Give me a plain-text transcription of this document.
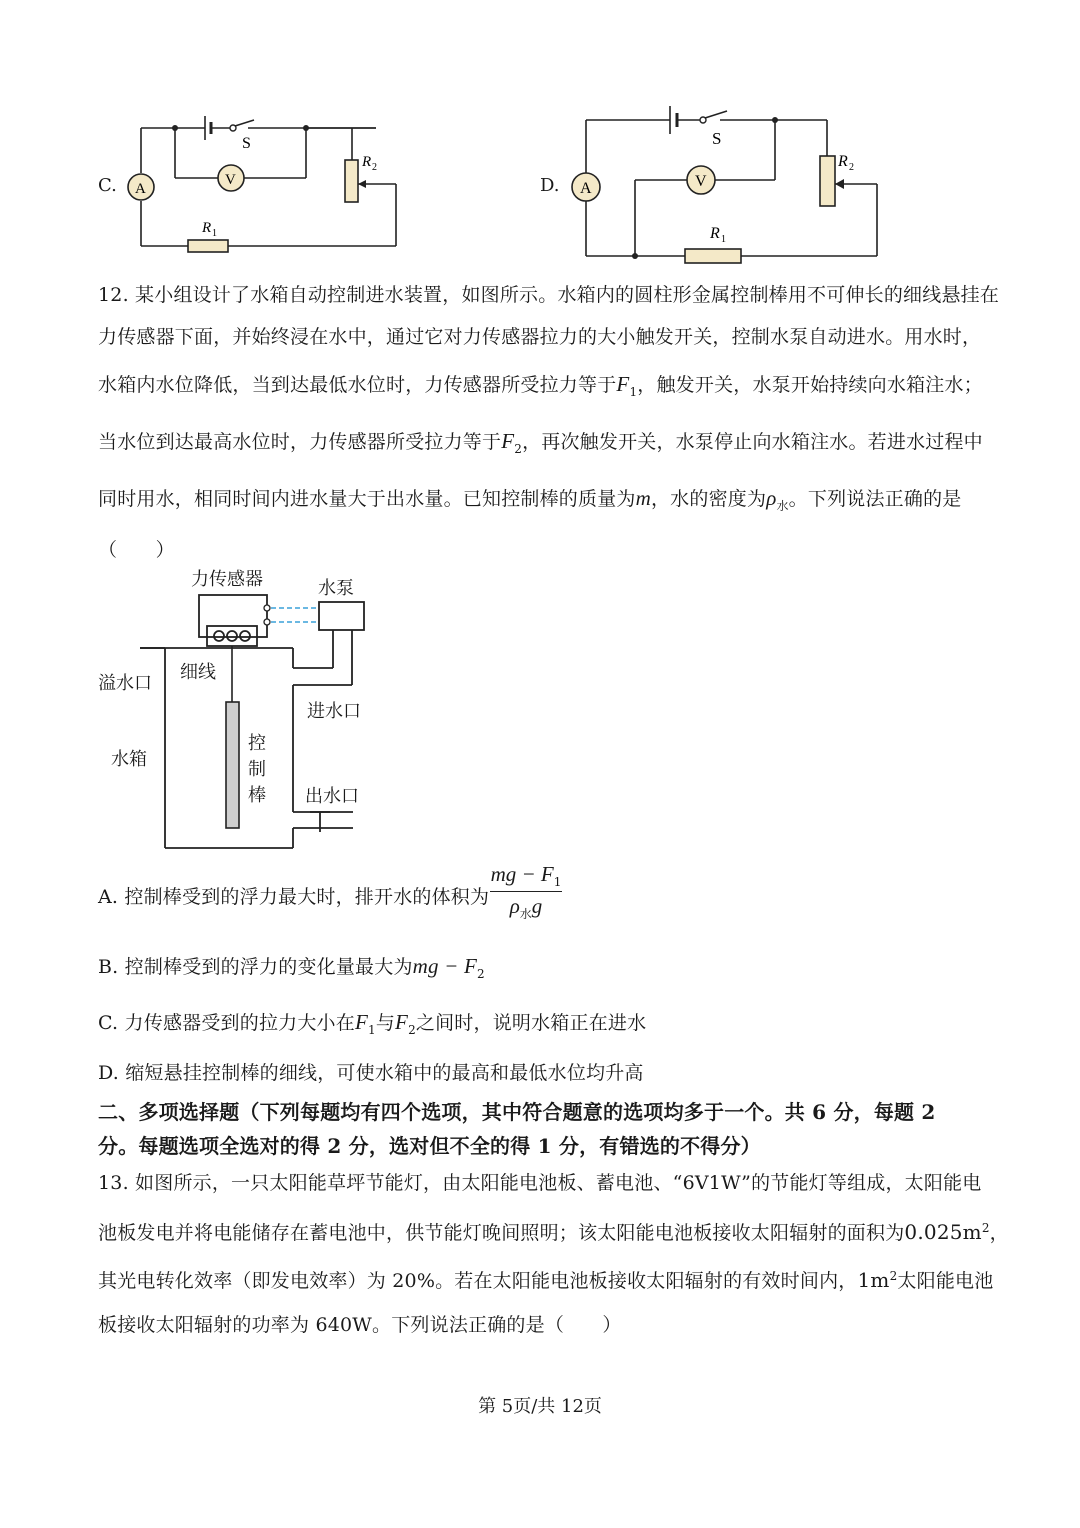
C.
S
A
V
R 1
R 2
D.
S
A	V
R 1
R 2
12. 某小组设计了水箱自动控制进水装置，如图所示。水箱内的圆柱形金属控制棒用不可伸长的细线悬挂在
力传感器下面，并始终浸在水中，通过它对力传感器拉力的大小触发开关，控制水泵自动进水。用水时，
水箱内水位降低，当到达最低水位时，力传感器所受拉力等于$F_1$，触发开关，水泵开始持续向水箱注水；
当水位到达最高水位时，力传感器所受拉力等于$F_2$，再次触发开关，水泵停止向水箱注水。若进水过程中
同时用水，相同时间内进水量大于出水量。已知控制棒的质量为m，水的密度为$\rho_水$。下列说法正确的是
（　　）
力传感器	水泵
溢水口
细线
进水口
水箱
控
制
棒 出水口
A. 控制棒受到的浮力最大时，排开水的体积为
mg − $F_1$
$\rho_水g$
B. 控制棒受到的浮力的变化量最大为mg − $F_2$
C. 力传感器受到的拉力大小在$F_1$与$F_2$之间时，说明水箱正在进水
D. 缩短悬挂控制棒的细线，可使水箱中的最高和最低水位均升高
二、多项选择题（下列每题均有四个选项，其中符合题意的选项均多于一个。共 6 分，每题 2
分。每题选项全选对的得 2 分，选对但不全的得 1 分，有错选的不得分）
13. 如图所示，一只太阳能草坪节能灯，由太阳能电池板、蓄电池、“6V1W”的节能灯等组成，太阳能电
池板发电并将电能储存在蓄电池中，供节能灯晚间照明；该太阳能电池板接收太阳辐射的面积为$0.025m^2$，
其光电转化效率（即发电效率）为 20%。若在太阳能电池板接收太阳辐射的有效时间内，$1m^2$太阳能电池
板接收太阳辐射的功率为 640W。下列说法正确的是（　　）
第 5页/共 12页
